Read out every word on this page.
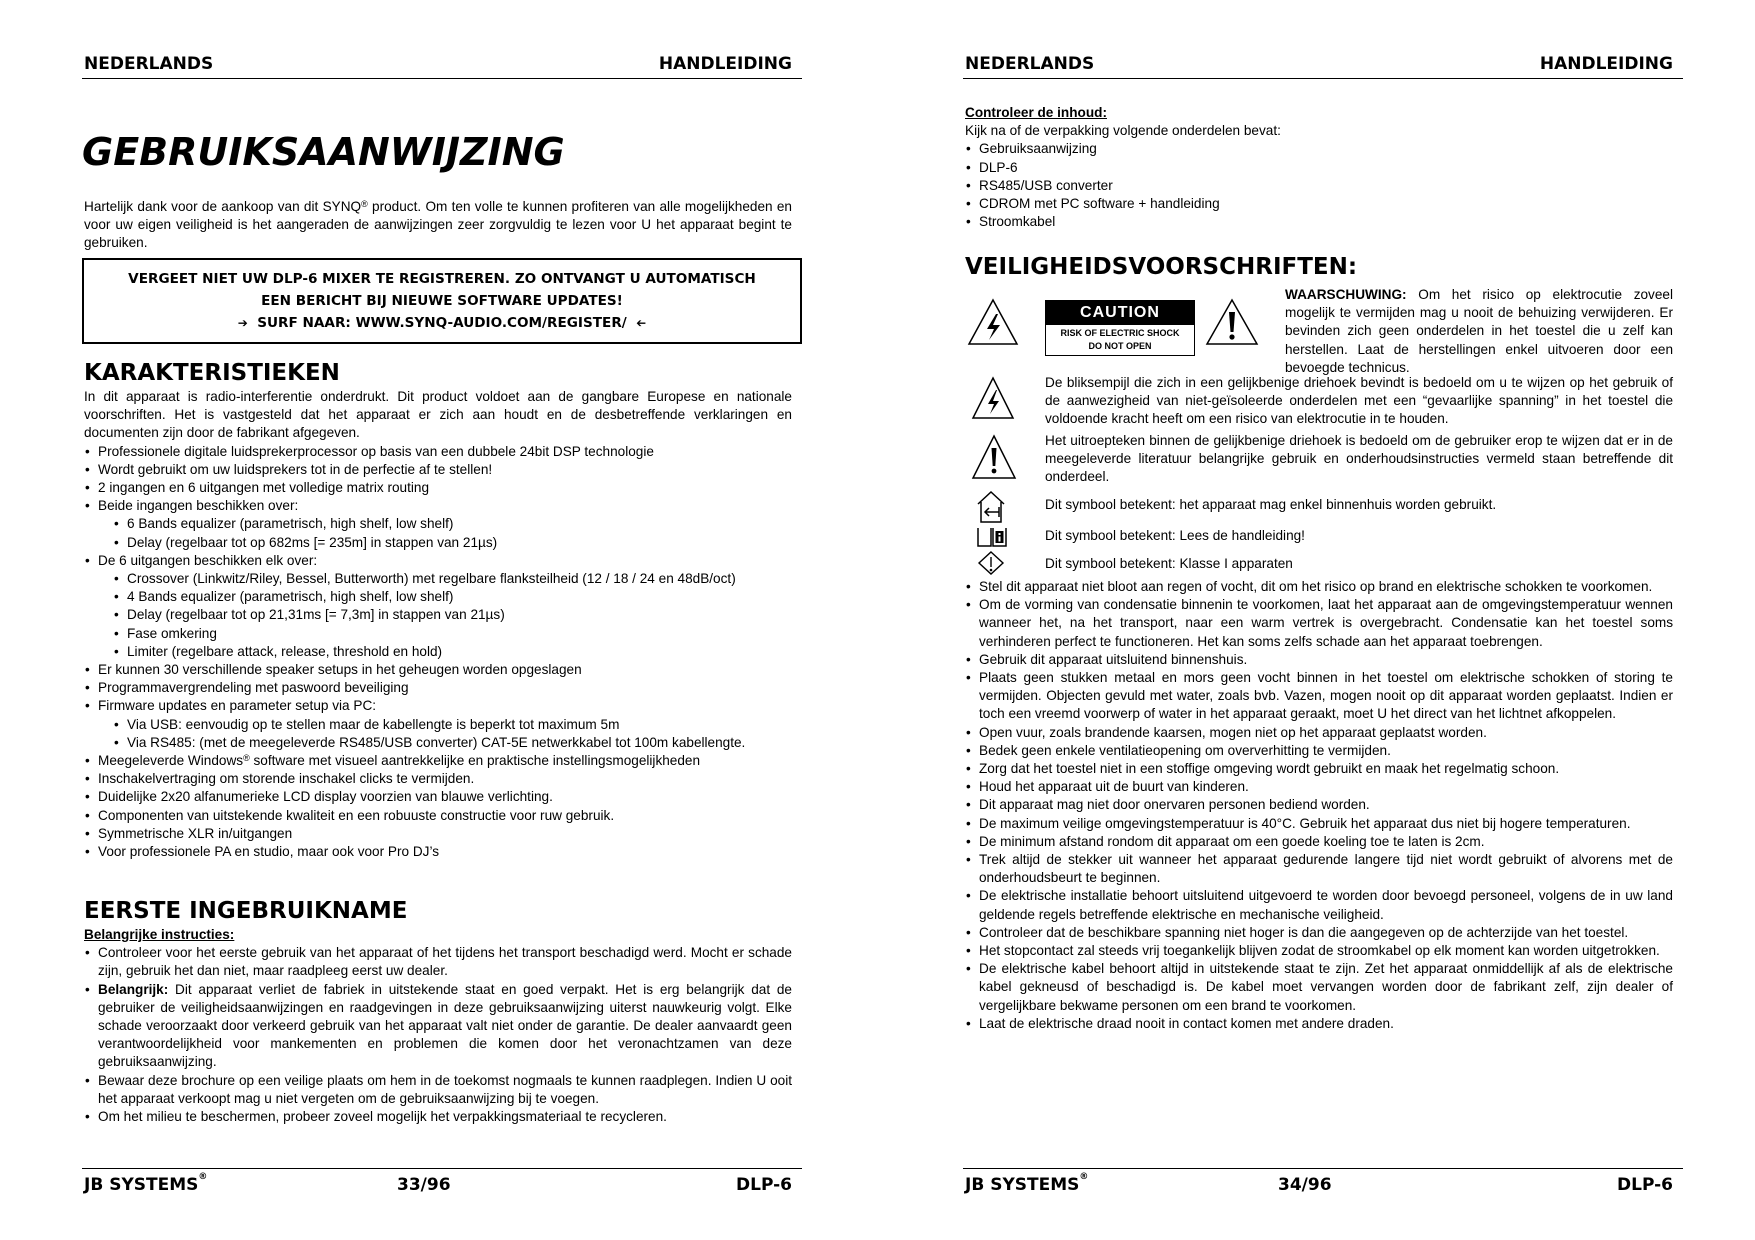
NEDERLANDS	HANDLEIDING
GEBRUIKSAANWIJZING

Hartelijk dank voor de aankoop van dit SYNQ® product. Om ten volle te kunnen profiteren van alle mogelijkheden en voor uw eigen veiligheid is het aangeraden de aanwijzingen zeer zorgvuldig te lezen voor U het apparaat begint te gebruiken.

VERGEET NIET UW DLP-6 MIXER TE REGISTREREN. ZO ONTVANGT U AUTOMATISCH
EEN BERICHT BIJ NIEUWE SOFTWARE UPDATES!
➔ SURF NAAR: WWW.SYNQ-AUDIO.COM/REGISTER/ ➔
KARAKTERISTIEKEN

In dit apparaat is radio-interferentie onderdrukt. Dit product voldoet aan de gangbare Europese en nationale voorschriften. Het is vastgesteld dat het apparaat er zich aan houdt en de desbetreffende verklaringen en documenten zijn door de fabrikant afgegeven.

• Professionele digitale luidsprekerprocessor op basis van een dubbele 24bit DSP technologie
• Wordt gebruikt om uw luidsprekers tot in de perfectie af te stellen!
• 2 ingangen en 6 uitgangen met volledige matrix routing
• Beide ingangen beschikken over:
• 6 Bands equalizer (parametrisch, high shelf, low shelf)
• Delay (regelbaar tot op 682ms [= 235m] in stappen van 21µs)
• De 6 uitgangen beschikken elk over:
• Crossover (Linkwitz/Riley, Bessel, Butterworth) met regelbare flanksteilheid (12 / 18 / 24 en 48dB/oct)
• 4 Bands equalizer (parametrisch, high shelf, low shelf)
• Delay (regelbaar tot op 21,31ms [= 7,3m] in stappen van 21µs)
• Fase omkering
• Limiter (regelbare attack, release, threshold en hold)
• Er kunnen 30 verschillende speaker setups in het geheugen worden opgeslagen
• Programmavergrendeling met paswoord beveiliging
• Firmware updates en parameter setup via PC:
• Via USB: eenvoudig op te stellen maar de kabellengte is beperkt tot maximum 5m
• Via RS485: (met de meegeleverde RS485/USB converter) CAT-5E netwerkkabel tot 100m kabellengte.
• Meegeleverde Windows® software met visueel aantrekkelijke en praktische instellingsmogelijkheden
• Inschakelvertraging om storende inschakel clicks te vermijden.
• Duidelijke 2x20 alfanumerieke LCD display voorzien van blauwe verlichting.
• Componenten van uitstekende kwaliteit en een robuuste constructie voor ruw gebruik.
• Symmetrische XLR in/uitgangen
• Voor professionele PA en studio, maar ook voor Pro DJ’s
EERSTE INGEBRUIKNAME
Belangrijke instructies:
• Controleer voor het eerste gebruik van het apparaat of het tijdens het transport beschadigd werd. Mocht er schade zijn, gebruik het dan niet, maar raadpleeg eerst uw dealer.
• Belangrijk: Dit apparaat verliet de fabriek in uitstekende staat en goed verpakt. Het is erg belangrijk dat de gebruiker de veiligheidsaanwijzingen en raadgevingen in deze gebruiksaanwijzing uiterst nauwkeurig volgt. Elke schade veroorzaakt door verkeerd gebruik van het apparaat valt niet onder de garantie. De dealer aanvaardt geen verantwoordelijkheid voor mankementen en problemen die komen door het veronachtzamen van deze gebruiksaanwijzing.
• Bewaar deze brochure op een veilige plaats om hem in de toekomst nogmaals te kunnen raadplegen. Indien U ooit het apparaat verkoopt mag u niet vergeten om de gebruiksaanwijzing bij te voegen.
• Om het milieu te beschermen, probeer zoveel mogelijk het verpakkingsmateriaal te recycleren.
JB SYSTEMS®	33/96	DLP-6
NEDERLANDS	HANDLEIDING
Controleer de inhoud:
Kijk na of de verpakking volgende onderdelen bevat:
• Gebruiksaanwijzing
• DLP-6
• RS485/USB converter
• CDROM met PC software + handleiding
• Stroomkabel
VEILIGHEIDSVOORSCHRIFTEN:
CAUTION
RISK OF ELECTRIC SHOCK
DO NOT OPEN

WAARSCHUWING: Om het risico op elektrocutie zoveel mogelijk te vermijden mag u nooit de behuizing verwijderen. Er bevinden zich geen onderdelen in het toestel die u zelf kan herstellen. Laat de herstellingen enkel uitvoeren door een bevoegde technicus.

De bliksempijl die zich in een gelijkbenige driehoek bevindt is bedoeld om u te wijzen op het gebruik of de aanwezigheid van niet-geïsoleerde onderdelen met een “gevaarlijke spanning” in het toestel die voldoende kracht heeft om een risico van elektrocutie in te houden.

Het uitroepteken binnen de gelijkbenige driehoek is bedoeld om de gebruiker erop te wijzen dat er in de meegeleverde literatuur belangrijke gebruik en onderhoudsinstructies vermeld staan betreffende dit onderdeel.

Dit symbool betekent: het apparaat mag enkel binnenhuis worden gebruikt.
Dit symbool betekent: Lees de handleiding!
Dit symbool betekent: Klasse I apparaten
• Stel dit apparaat niet bloot aan regen of vocht, dit om het risico op brand en elektrische schokken te voorkomen.
• Om de vorming van condensatie binnenin te voorkomen, laat het apparaat aan de omgevingstemperatuur wennen wanneer het, na het transport, naar een warm vertrek is overgebracht. Condensatie kan het toestel soms verhinderen perfect te functioneren. Het kan soms zelfs schade aan het apparaat toebrengen.
• Gebruik dit apparaat uitsluitend binnenshuis.
• Plaats geen stukken metaal en mors geen vocht binnen in het toestel om elektrische schokken of storing te vermijden. Objecten gevuld met water, zoals bvb. Vazen, mogen nooit op dit apparaat worden geplaatst. Indien er toch een vreemd voorwerp of water in het apparaat geraakt, moet U het direct van het lichtnet afkoppelen.
• Open vuur, zoals brandende kaarsen, mogen niet op het apparaat geplaatst worden.
• Bedek geen enkele ventilatieopening om oververhitting te vermijden.
• Zorg dat het toestel niet in een stoffige omgeving wordt gebruikt en maak het regelmatig schoon.
• Houd het apparaat uit de buurt van kinderen.
• Dit apparaat mag niet door onervaren personen bediend worden.
• De maximum veilige omgevingstemperatuur is 40°C. Gebruik het apparaat dus niet bij hogere temperaturen.
• De minimum afstand rondom dit apparaat om een goede koeling toe te laten is 2cm.
• Trek altijd de stekker uit wanneer het apparaat gedurende langere tijd niet wordt gebruikt of alvorens met de onderhoudsbeurt te beginnen.
• De elektrische installatie behoort uitsluitend uitgevoerd te worden door bevoegd personeel, volgens de in uw land geldende regels betreffende elektrische en mechanische veiligheid.
• Controleer dat de beschikbare spanning niet hoger is dan die aangegeven op de achterzijde van het toestel.
• Het stopcontact zal steeds vrij toegankelijk blijven zodat de stroomkabel op elk moment kan worden uitgetrokken.
• De elektrische kabel behoort altijd in uitstekende staat te zijn. Zet het apparaat onmiddellijk af als de elektrische kabel gekneusd of beschadigd is. De kabel moet vervangen worden door de fabrikant zelf, zijn dealer of vergelijkbare bekwame personen om een brand te voorkomen.
• Laat de elektrische draad nooit in contact komen met andere draden.
JB SYSTEMS®	34/96	DLP-6
